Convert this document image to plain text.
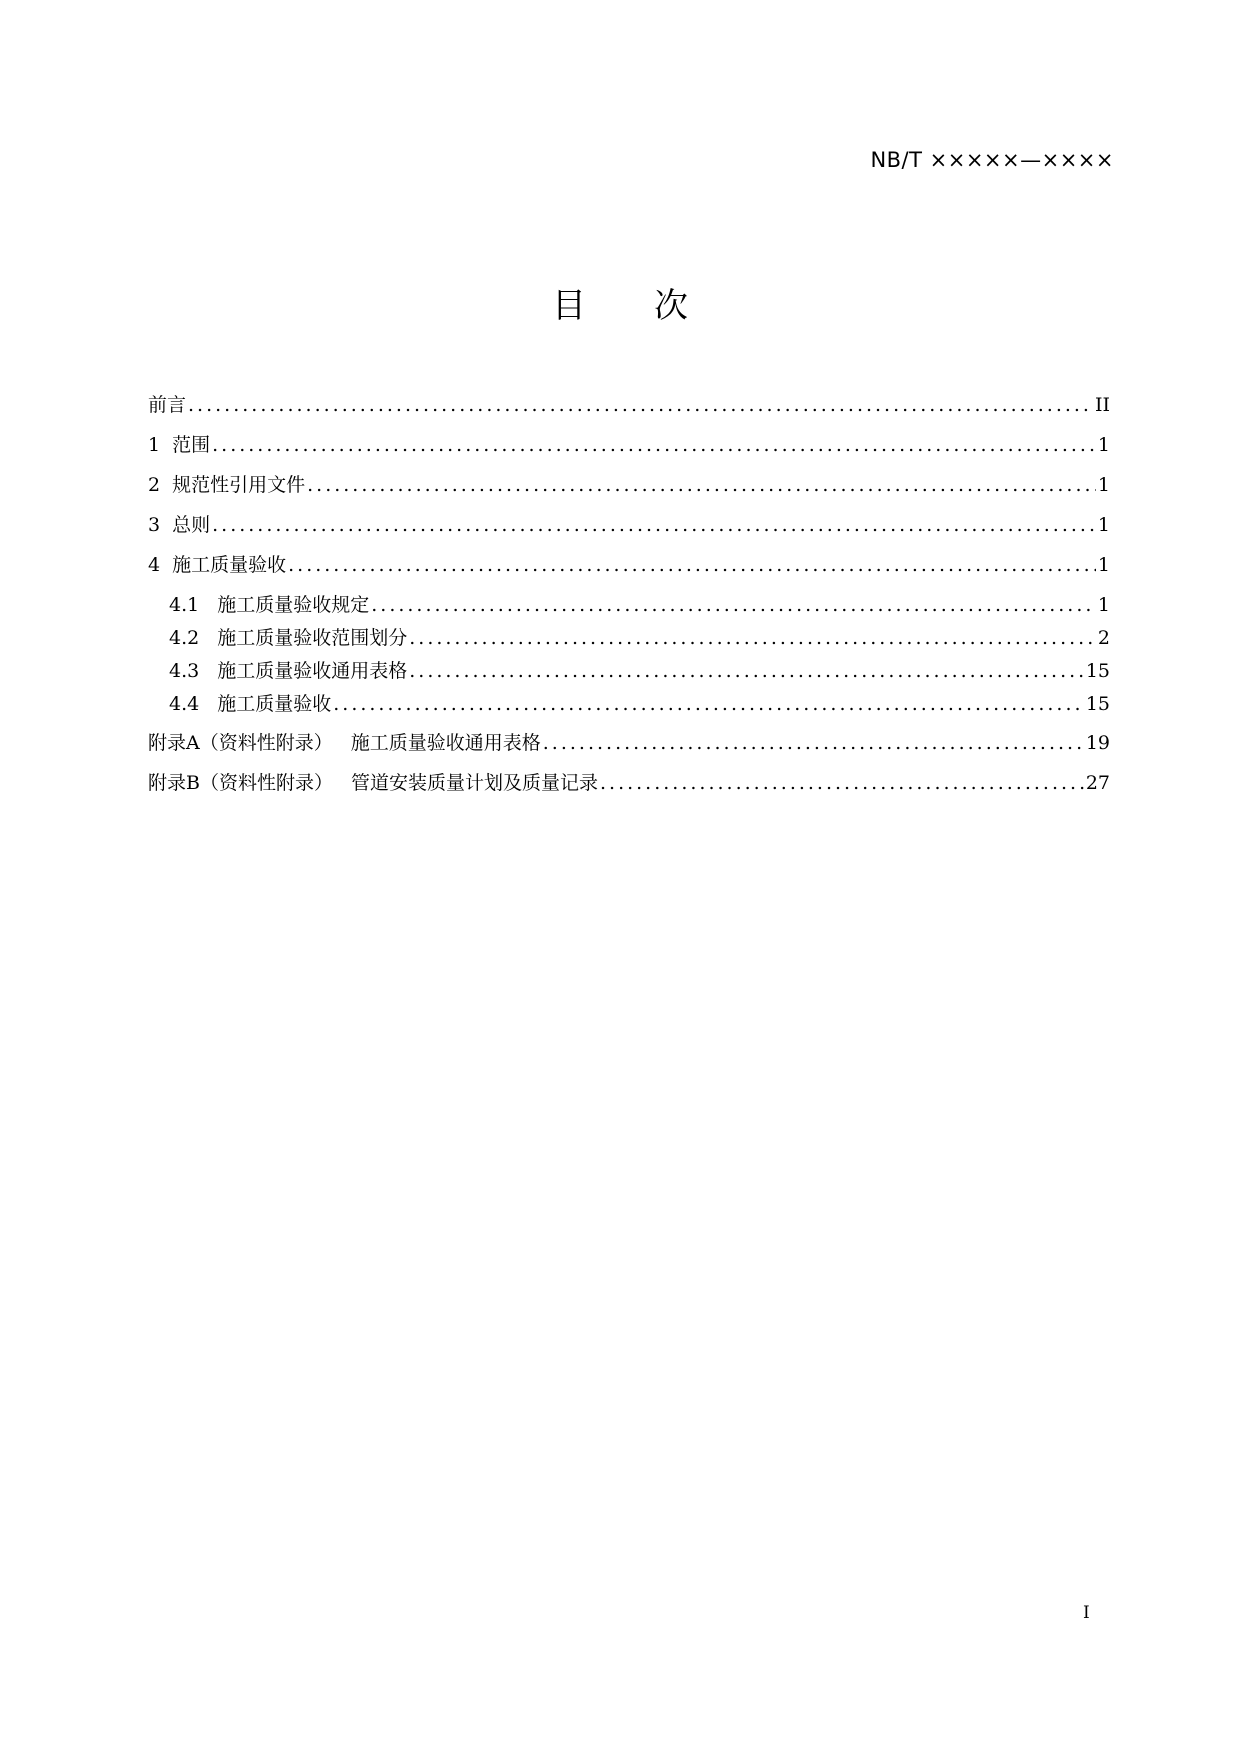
NB/T ×××××—××××
目　　次
前言 .....	II
1 范围 .....	1
2 规范性引用文件 .....	1
3 总则 .....	1
4 施工质量验收 .....	1
4.1 施工质量验收规定 .....	1
4.2 施工质量验收范围划分 .....	2
4.3 施工质量验收通用表格 .....	15
4.4 施工质量验收 .....	15
附录A（资料性附录） 施工质量验收通用表格 .....	19
附录B（资料性附录） 管道安装质量计划及质量记录 .....	27
I
